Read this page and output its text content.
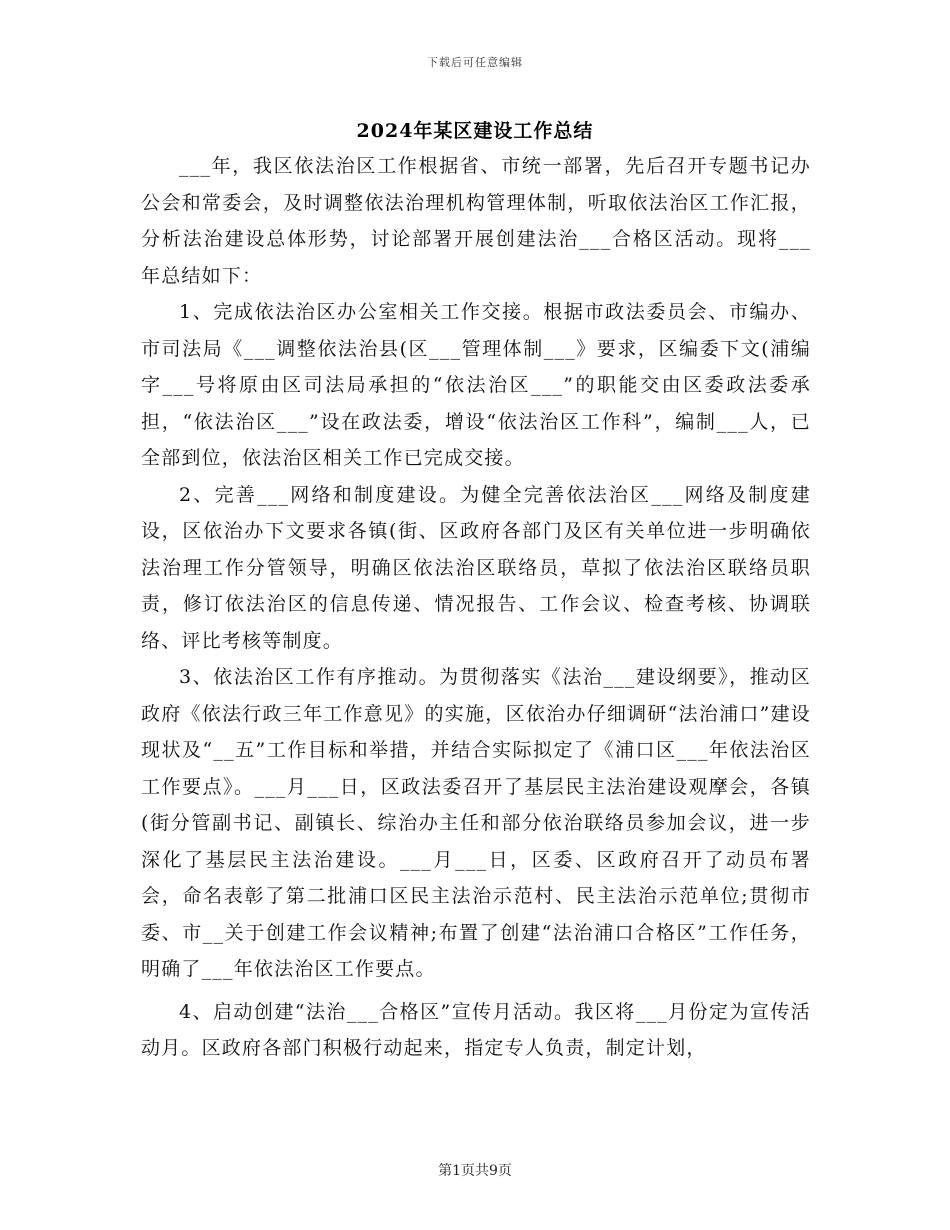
下载后可任意编辑
2024年某区建设工作总结

___年，我区依法治区工作根据省、市统一部署，先后召开专题书记办公会和常委会，及时调整依法治理机构管理体制，听取依法治区工作汇报，分析法治建设总体形势，讨论部署开展创建法治___合格区活动。现将___年总结如下：

1、完成依法治区办公室相关工作交接。根据市政法委员会、市编办、市司法局《___调整依法治县(区___管理体制___》要求，区编委下文(浦编字___号将原由区司法局承担的“依法治区___”的职能交由区委政法委承担，“依法治区___”设在政法委，增设“依法治区工作科”，编制___人，已全部到位，依法治区相关工作已完成交接。

2、完善___网络和制度建设。为健全完善依法治区___网络及制度建设，区依治办下文要求各镇(街、区政府各部门及区有关单位进一步明确依法治理工作分管领导，明确区依法治区联络员，草拟了依法治区联络员职责，修订依法治区的信息传递、情况报告、工作会议、检查考核、协调联络、评比考核等制度。

3、依法治区工作有序推动。为贯彻落实《法治___建设纲要》，推动区政府《依法行政三年工作意见》的实施，区依治办仔细调研“法治浦口”建设现状及“__五”工作目标和举措，并结合实际拟定了《浦口区___年依法治区工作要点》。___月___日，区政法委召开了基层民主法治建设观摩会，各镇(街分管副书记、副镇长、综治办主任和部分依治联络员参加会议，进一步深化了基层民主法治建设。___月___日，区委、区政府召开了动员布署会，命名表彰了第二批浦口区民主法治示范村、民主法治示范单位;贯彻市委、市__关于创建工作会议精神;布置了创建“法治浦口合格区”工作任务，明确了___年依法治区工作要点。

4、启动创建“法治___合格区”宣传月活动。我区将___月份定为宣传活动月。区政府各部门积极行动起来，指定专人负责，制定计划，

第1页共9页
